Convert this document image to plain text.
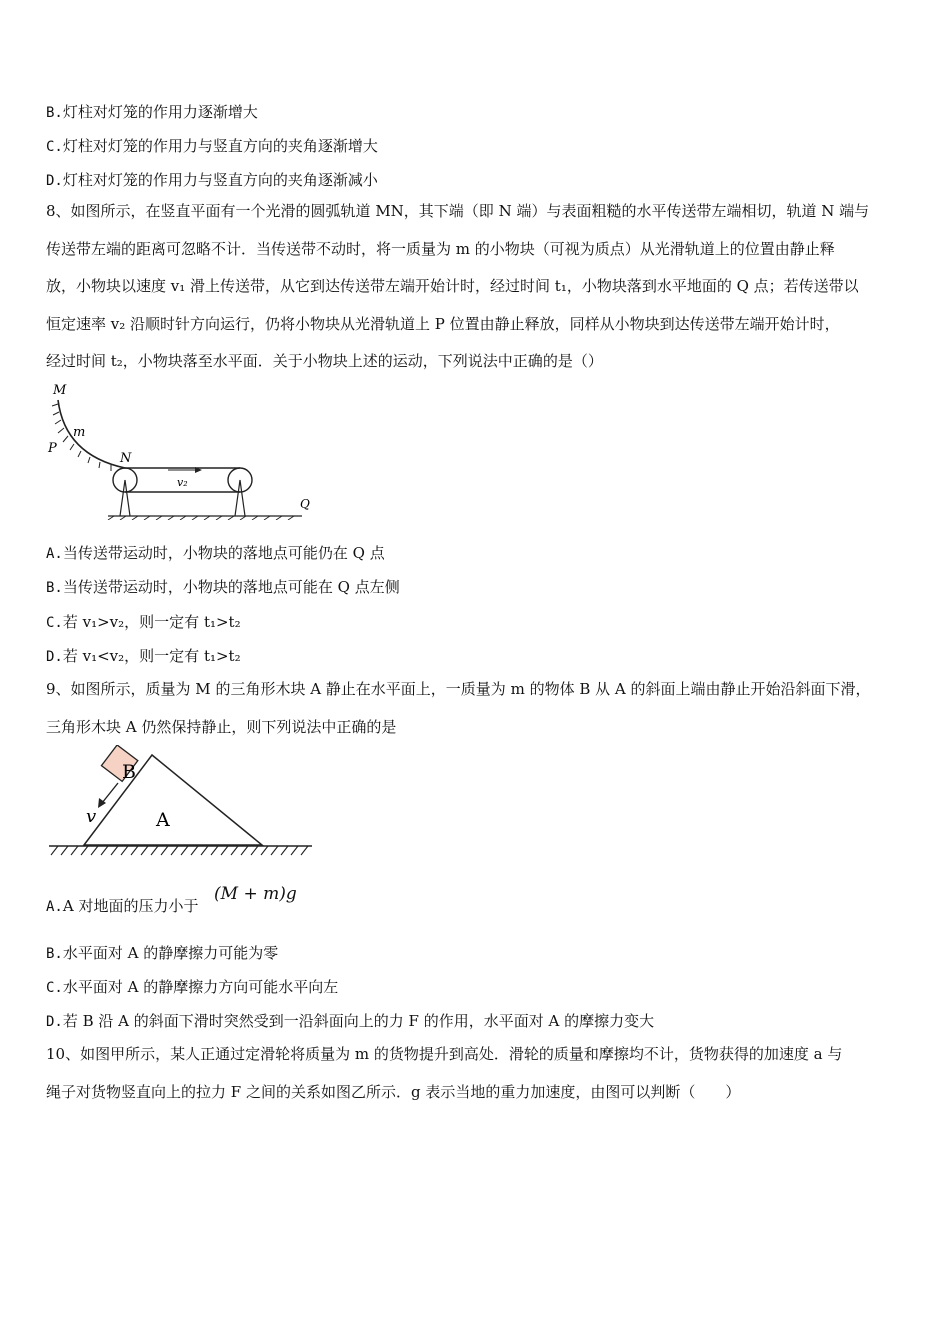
B.灯柱对灯笼的作用力逐渐增大
C.灯柱对灯笼的作用力与竖直方向的夹角逐渐增大
D.灯柱对灯笼的作用力与竖直方向的夹角逐渐减小
8、如图所示，在竖直平面有一个光滑的圆弧轨道 MN，其下端（即 N 端）与表面粗糙的水平传送带左端相切，轨道 N 端与
传送带左端的距离可忽略不计．当传送带不动时，将一质量为 m 的小物块（可视为质点）从光滑轨道上的位置由静止释
放，小物块以速度 v₁ 滑上传送带，从它到达传送带左端开始计时，经过时间 t₁，小物块落到水平地面的 Q 点；若传送带以
恒定速率 v₂ 沿顺时针方向运行，仍将小物块从光滑轨道上 P 位置由静止释放，同样从小物块到达传送带左端开始计时，
经过时间 t₂，小物块落至水平面．关于小物块上述的运动，下列说法中正确的是（）
M
m
P
N
v₂
Q
A.当传送带运动时，小物块的落地点可能仍在 Q 点
B.当传送带运动时，小物块的落地点可能在 Q 点左侧
C.若 v₁>v₂，则一定有 t₁>t₂
D.若 v₁<v₂，则一定有 t₁>t₂
9、如图所示，质量为 M 的三角形木块 A 静止在水平面上，一质量为 m 的物体 B 从 A 的斜面上端由静止开始沿斜面下滑，
三角形木块 A 仍然保持静止，则下列说法中正确的是
B
A
v
A.A 对地面的压力小于
(M + m)g
B.水平面对 A 的静摩擦力可能为零
C.水平面对 A 的静摩擦力方向可能水平向左
D.若 B 沿 A 的斜面下滑时突然受到一沿斜面向上的力 F 的作用，水平面对 A 的摩擦力变大
10、如图甲所示，某人正通过定滑轮将质量为 m 的货物提升到高处．滑轮的质量和摩擦均不计，货物获得的加速度 a 与
绳子对货物竖直向上的拉力 F 之间的关系如图乙所示．g 表示当地的重力加速度，由图可以判断（　　）
